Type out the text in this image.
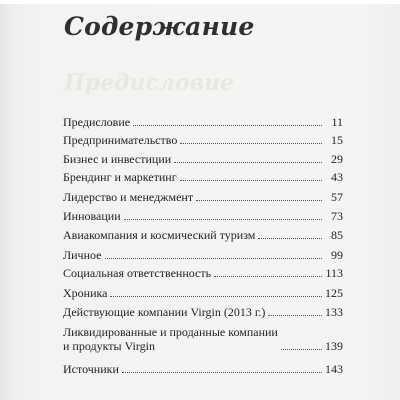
Содержание
Предисловие
Предисловие	11
Предпринимательство	15
Бизнес и инвестиции	29
Брендинг и маркетинг	43
Лидерство и менеджмент	57
Инновации	73
Авиакомпания и космический туризм	85
Личное	99
Социальная ответственность	113
Хроника	125
Действующие компании Virgin (2013 г.)	133
Ликвидированные и проданные компании
и продукты Virgin	139
Источники	143
